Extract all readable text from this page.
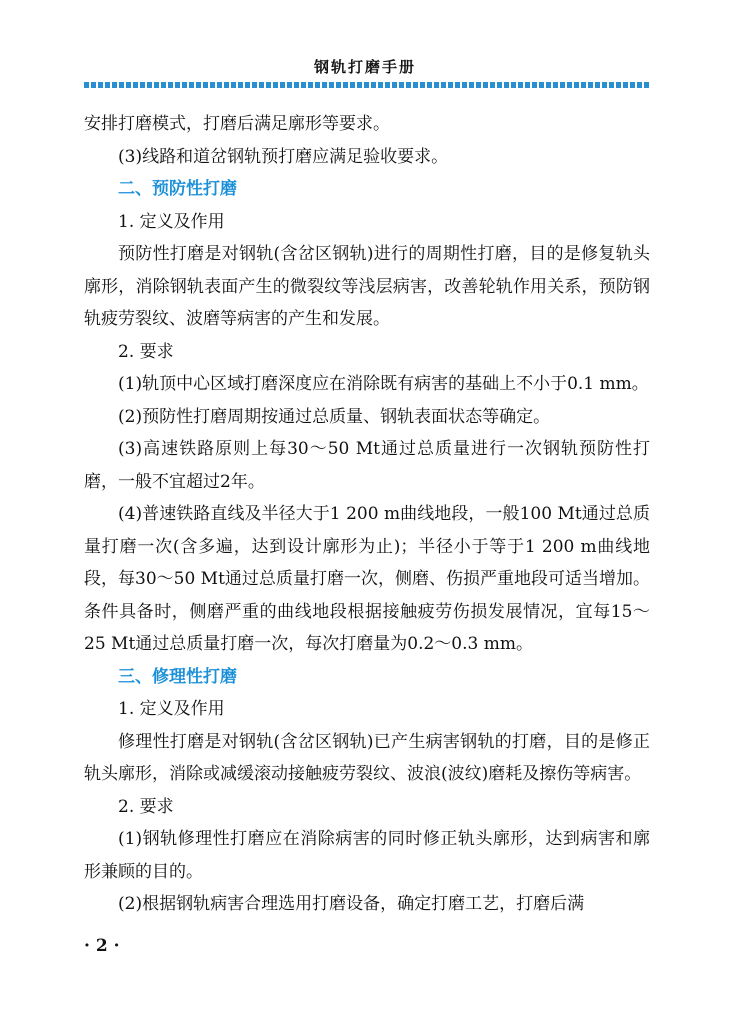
钢轨打磨手册

安排打磨模式，打磨后满足廓形等要求。

(3)线路和道岔钢轨预打磨应满足验收要求。

二、预防性打磨

1. 定义及作用

预防性打磨是对钢轨(含岔区钢轨)进行的周期性打磨，目的是修复轨头廓形，消除钢轨表面产生的微裂纹等浅层病害，改善轮轨作用关系，预防钢轨疲劳裂纹、波磨等病害的产生和发展。

2. 要求

(1)轨顶中心区域打磨深度应在消除既有病害的基础上不小于0.1 mm。

(2)预防性打磨周期按通过总质量、钢轨表面状态等确定。

(3)高速铁路原则上每30～50 Mt通过总质量进行一次钢轨预防性打磨，一般不宜超过2年。

(4)普速铁路直线及半径大于1 200 m曲线地段，一般100 Mt通过总质量打磨一次(含多遍，达到设计廓形为止)；半径小于等于1 200 m曲线地段，每30～50 Mt通过总质量打磨一次，侧磨、伤损严重地段可适当增加。条件具备时，侧磨严重的曲线地段根据接触疲劳伤损发展情况，宜每15～25 Mt通过总质量打磨一次，每次打磨量为0.2～0.3 mm。

三、修理性打磨

1. 定义及作用

修理性打磨是对钢轨(含岔区钢轨)已产生病害钢轨的打磨，目的是修正轨头廓形，消除或减缓滚动接触疲劳裂纹、波浪(波纹)磨耗及擦伤等病害。

2. 要求

(1)钢轨修理性打磨应在消除病害的同时修正轨头廓形，达到病害和廓形兼顾的目的。

(2)根据钢轨病害合理选用打磨设备，确定打磨工艺，打磨后满

· 2 ·
